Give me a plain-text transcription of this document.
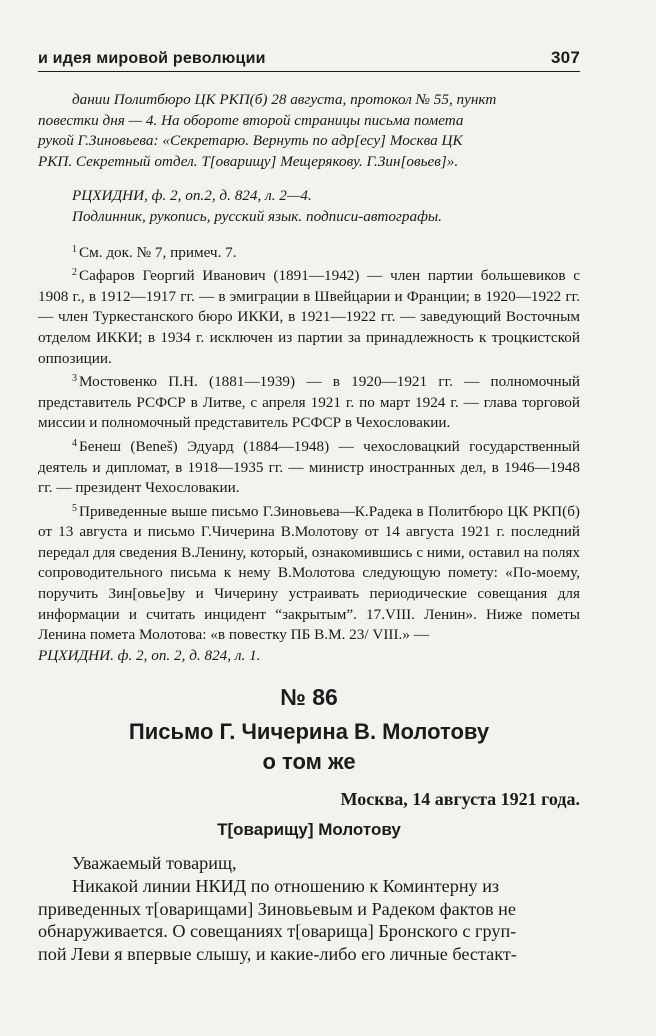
и идея мировой революции	307

дании Политбюро ЦК РКП(б) 28 августа, протокол № 55, пункт

повестки дня — 4. На обороте второй страницы письма помета

рукой Г.Зиновьева: «Секретарю. Вернуть по адр[есу] Москва ЦК

РКП. Секретный отдел. Т[оварищу] Мещерякову. Г.Зин[овьев]».

РЦХИДНИ, ф. 2, оп.2, д. 824, л. 2—4.

Подлинник, рукопись, русский язык. подписи-автографы.

$^1$ См. док. № 7, примеч. 7.

$^2$ Сафаров Георгий Иванович (1891—1942) — член партии большевиков с 1908 г., в 1912—1917 гг. — в эмиграции в Швейцарии и Франции; в 1920—1922 гг. — член Туркестанского бюро ИККИ, в 1921—1922 гг. — заведующий Восточным отделом ИККИ; в 1934 г. исключен из партии за принадлежность к троцкистской оппозиции.

$^3$ Мостовенко П.Н. (1881—1939) — в 1920—1921 гг. — полномочный представитель РСФСР в Литве, с апреля 1921 г. по март 1924 г. — глава торговой миссии и полномочный представитель РСФСР в Чехословакии.

$^4$ Бенеш (Beneš) Эдуард (1884—1948) — чехословацкий государственный деятель и дипломат, в 1918—1935 гг. — министр иностранных дел, в 1946—1948 гг. — президент Чехословакии.

$^5$ Приведенные выше письмо Г.Зиновьева—К.Радека в Политбюро ЦК РКП(б) от 13 августа и письмо Г.Чичерина В.Молотову от 14 августа 1921 г. последний передал для сведения В.Ленину, который, ознакомившись с ними, оставил на полях сопроводительного письма к нему В.Молотова следующую помету: «По-моему, поручить Зин[овье]ву и Чичерину устраивать периодические совещания для информации и считать инцидент “закрытым”. 17.VIII. Ленин». Ниже пометы Ленина помета Молотова: «в повестку ПБ В.М. 23/ VIII.» —

РЦХИДНИ. ф. 2, оп. 2, д. 824, л. 1.

№ 86
Письмо Г. Чичерина В. Молотову
о том же
Москва, 14 августа 1921 года.
Т[оварищу] Молотову

Уважаемый товарищ,

Никакой линии НКИД по отношению к Коминтерну из

приведенных т[оварищами] Зиновьевым и Радеком фактов не

обнаруживается. О совещаниях т[оварища] Бронского с груп-

пой Леви я впервые слышу, и какие-либо его личные бестакт-
